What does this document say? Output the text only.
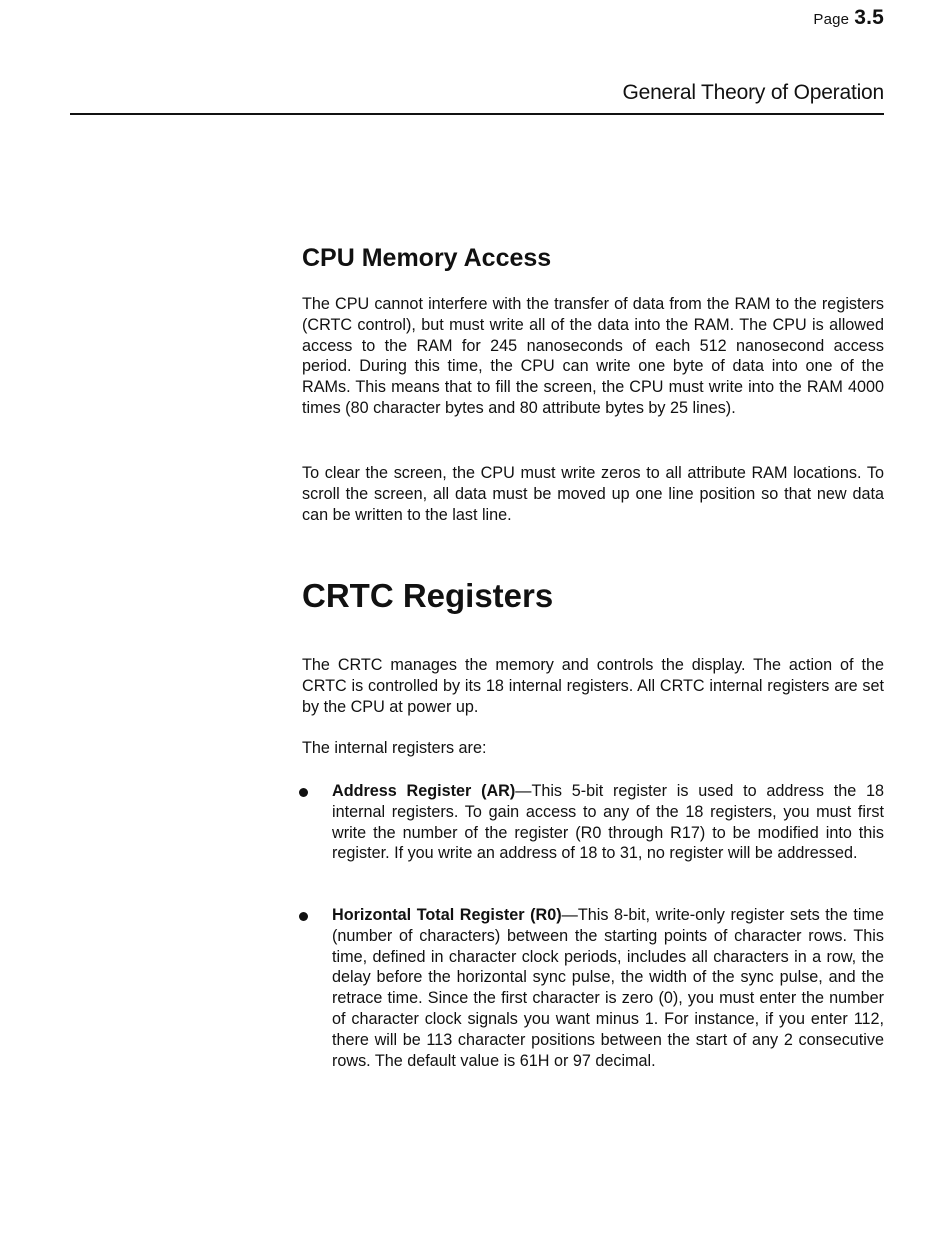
Page 3.5
General Theory of Operation
CPU Memory Access

The CPU cannot interfere with the transfer of data from the RAM to the registers (CRTC control), but must write all of the data into the RAM. The CPU is allowed access to the RAM for 245 nanoseconds of each 512 nanosecond access period. During this time, the CPU can write one byte of data into one of the RAMs. This means that to fill the screen, the CPU must write into the RAM 4000 times (80 character bytes and 80 attribute bytes by 25 lines).

To clear the screen, the CPU must write zeros to all attribute RAM locations. To scroll the screen, all data must be moved up one line position so that new data can be written to the last line.

CRTC Registers

The CRTC manages the memory and controls the display. The action of the CRTC is controlled by its 18 internal registers. All CRTC internal registers are set by the CPU at power up.

The internal registers are:

Address Register (AR)—This 5-bit register is used to address the 18 internal registers. To gain access to any of the 18 registers, you must first write the number of the register (R0 through R17) to be modified into this register. If you write an address of 18 to 31, no register will be addressed.

Horizontal Total Register (R0)—This 8-bit, write-only register sets the time (number of characters) between the starting points of character rows. This time, defined in character clock periods, includes all characters in a row, the delay before the horizontal sync pulse, the width of the sync pulse, and the retrace time. Since the first character is zero (0), you must enter the number of character clock signals you want minus 1. For instance, if you enter 112, there will be 113 character positions between the start of any 2 consecutive rows. The default value is 61H or 97 decimal.
